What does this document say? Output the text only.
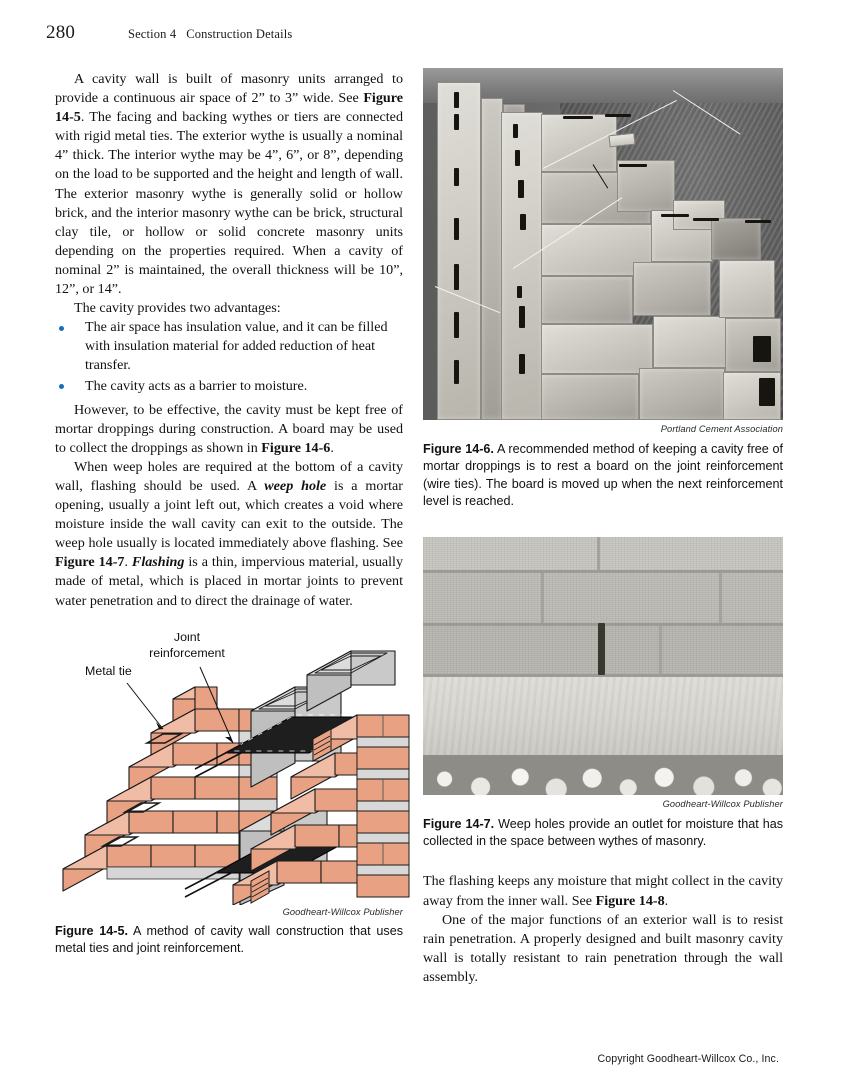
280	Section 4 Construction Details

A cavity wall is built of masonry units arranged to provide a continuous air space of 2” to 3” wide. See Figure 14-5. The facing and backing wythes or tiers are connected with rigid metal ties. The exterior wythe is usually a nominal 4” thick. The interior wythe may be 4”, 6”, or 8”, depending on the load to be supported and the height and length of wall. The exterior masonry wythe is generally solid or hollow brick, and the interior masonry wythe can be brick, structural clay tile, or hollow or solid concrete masonry units depending on the properties required. When a cavity of nominal 2” is maintained, the overall thickness will be 10”, 12”, or 14”.

The cavity provides two advantages:

The air space has insulation value, and it can be filled with insulation material for added reduction of heat transfer.
The cavity acts as a barrier to moisture.

However, to be effective, the cavity must be kept free of mortar droppings during construction. A board may be used to collect the droppings as shown in Figure 14-6.

When weep holes are required at the bottom of a cavity wall, flashing should be used. A weep hole is a mortar opening, usually a joint left out, which creates a void where moisture inside the wall cavity can exit to the outside. The weep hole usually is located immediately above flashing. See Figure 14-7. Flashing is a thin, impervious material, usually made of metal, which is placed in mortar joints to prevent water penetration and to direct the drainage of water.

Metal tie
Joint
reinforcement
Goodheart-Willcox Publisher
Figure 14-5. A method of cavity wall construction that uses metal ties and joint reinforcement.
Portland Cement Association
Figure 14-6. A recommended method of keeping a cavity free of mortar droppings is to rest a board on the joint reinforcement (wire ties). The board is moved up when the next reinforcement level is reached.
Goodheart-Willcox Publisher
Figure 14-7. Weep holes provide an outlet for moisture that has collected in the space between wythes of masonry.

The flashing keeps any moisture that might collect in the cavity away from the inner wall. See Figure 14-8.

One of the major functions of an exterior wall is to resist rain penetration. A properly designed and built masonry cavity wall is totally resistant to rain penetration through the wall assembly.

Copyright Goodheart-Willcox Co., Inc.
